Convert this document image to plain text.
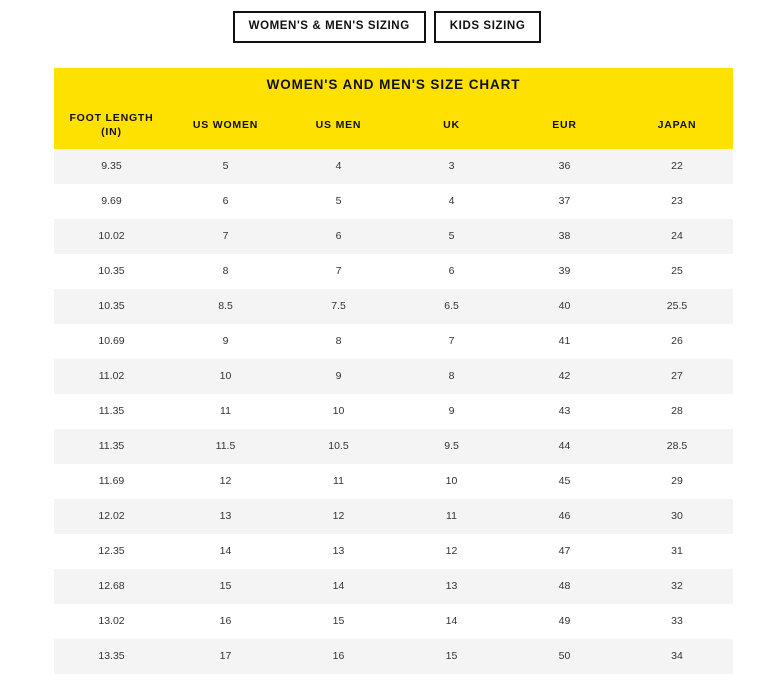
WOMEN'S & MEN'S SIZING	KIDS SIZING
WOMEN'S AND MEN'S SIZE CHART
FOOT LENGTH
(IN)	US WOMEN	US MEN	UK	EUR	JAPAN
9.35	5	4	3	36	22
9.69	6	5	4	37	23
10.02	7	6	5	38	24
10.35	8	7	6	39	25
10.35	8.5	7.5	6.5	40	25.5
10.69	9	8	7	41	26
11.02	10	9	8	42	27
11.35	11	10	9	43	28
11.35	11.5	10.5	9.5	44	28.5
11.69	12	11	10	45	29
12.02	13	12	11	46	30
12.35	14	13	12	47	31
12.68	15	14	13	48	32
13.02	16	15	14	49	33
13.35	17	16	15	50	34
